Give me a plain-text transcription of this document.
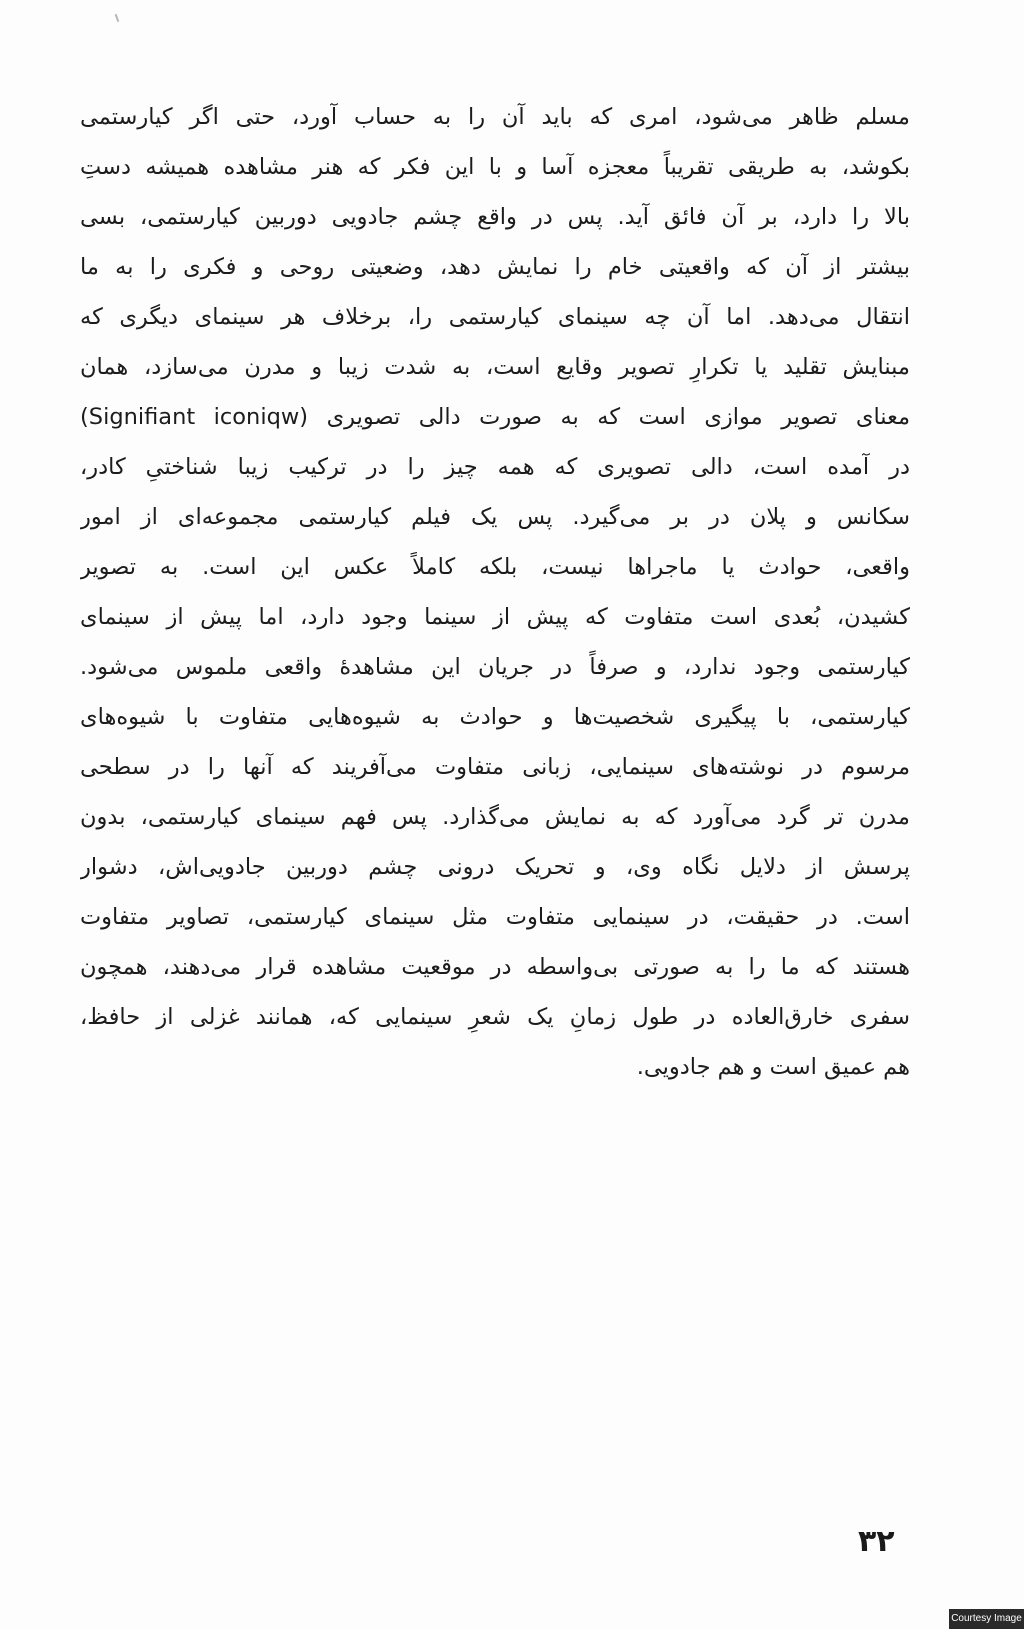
مسلم ظاهر می‌شود، امری که باید آن را به حساب آورد، حتی اگر کیارستمی
بکوشد، به طریقی تقریباً معجزه آسا و با این فکر که هنر مشاهده همیشه دستِ
بالا را دارد، بر آن فائق آید. پس در واقع چشم جادویی دوربین کیارستمی، بسی
بیشتر از آن که واقعیتی خام را نمایش دهد، وضعیتی روحی و فکری را به ما
انتقال می‌دهد. اما آن چه سینمای کیارستمی را، برخلاف هر سینمای دیگری که
مبنایش تقلید یا تکرارِ تصویر وقایع است، به شدت زیبا و مدرن می‌سازد، همان
معنای تصویر موازی است که به صورت دالی تصویری (Signifiant iconiqw)
در آمده است، دالی تصویری که همه چیز را در ترکیب زیبا شناختیِ کادر،
سکانس و پلان در بر می‌گیرد. پس یک فیلم کیارستمی مجموعه‌ای از امور
واقعی، حوادث یا ماجراها نیست، بلکه کاملاً عکس این است. به تصویر
کشیدن، بُعدی است متفاوت که پیش از سینما وجود دارد، اما پیش از سینمای
کیارستمی وجود ندارد، و صرفاً در جریان این مشاهدهٔ واقعی ملموس می‌شود.
کیارستمی، با پیگیری شخصیت‌ها و حوادث به شیوه‌هایی متفاوت با شیوه‌های
مرسوم در نوشته‌های سینمایی، زبانی متفاوت می‌آفریند که آنها را در سطحی
مدرن تر گرد می‌آورد که به نمایش می‌گذارد. پس فهم سینمای کیارستمی، بدون
پرسش از دلایل نگاه وی، و تحریک درونی چشم دوربین جادویی‌اش، دشوار
است. در حقیقت، در سینمایی متفاوت مثل سینمای کیارستمی، تصاویر متفاوت
هستند که ما را به صورتی بی‌واسطه در موقعیت مشاهده قرار می‌دهند، همچون
سفری خارق‌العاده در طول زمانِ یک شعرِ سینمایی که، همانند غزلی از حافظ،
هم عمیق است و هم جادویی.
۳۲
Courtesy Image
